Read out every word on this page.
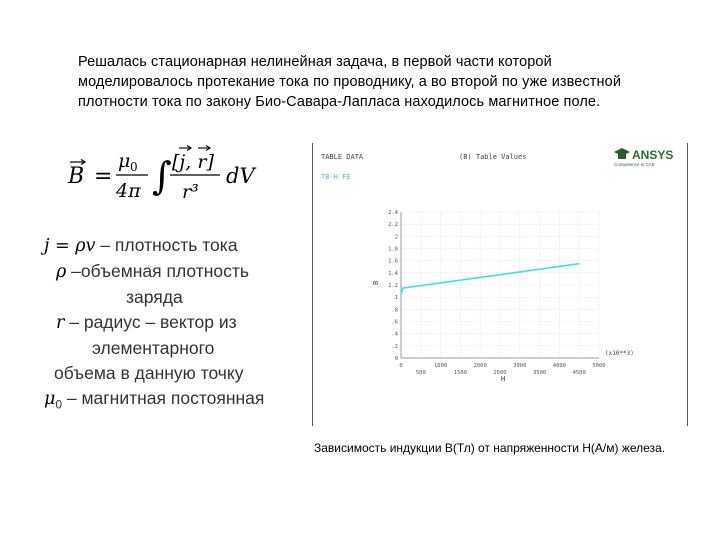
Решалась стационарная нелинейная задача, в первой части которой
моделировалось протекание тока по проводнику, а во второй по уже известной
плотности тока по закону Био-Савара-Лапласа находилось магнитное поле.
B =
μ 0
4π ∫ [j, r]
r³
dV
j = ρv – плотность тока
ρ –объемная плотность
заряда
r – радиус – вектор из
элементарного
объема в данную точку
$\mu_0$ – магнитная постоянная
TABLE DATA	(B) Table Values
TB-H FE
B
H
(x10**3)
0
.2
.4
.6
.8
1
1.2
1.4
1.6
1.8
2
2.2
2.4
0	1000	2000	3000	4000	5000
500	1500	2500	3500	4500
ANSYS
Competence in CAE
Зависимость индукции B(Тл) от напряженности H(А/м) железа.
